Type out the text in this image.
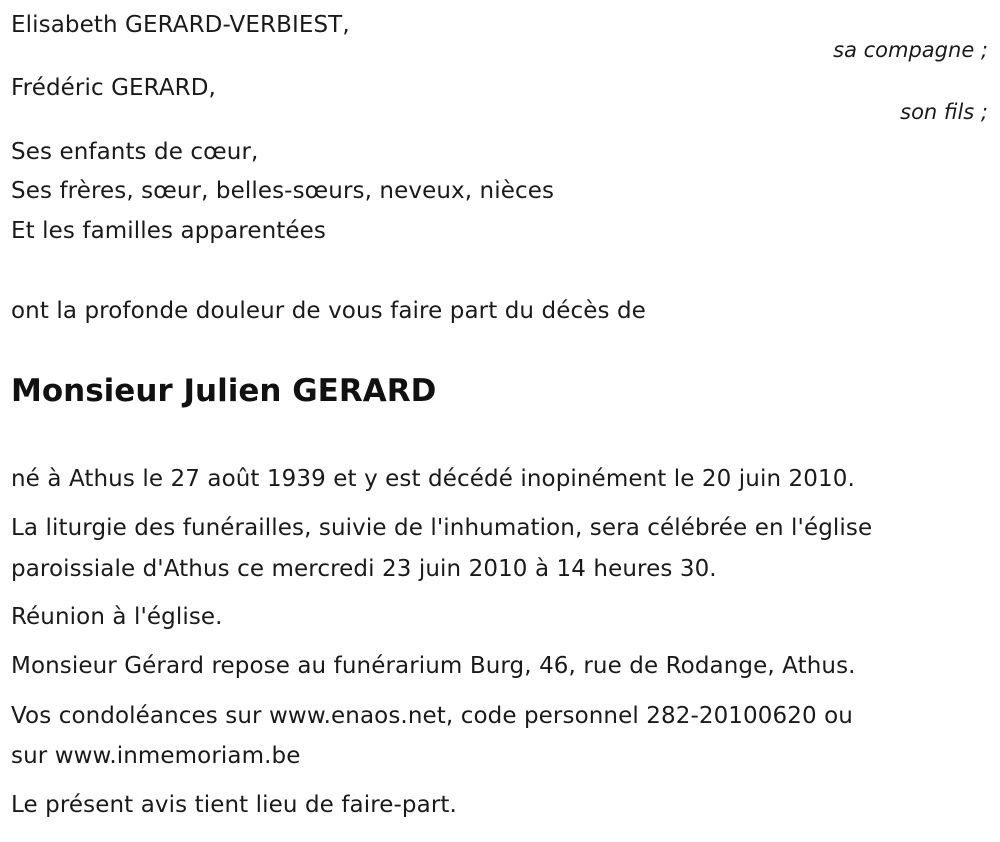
Elisabeth GERARD-VERBIEST,
sa compagne ;
Frédéric GERARD,
son fils ;
Ses enfants de cœur,
Ses frères, sœur, belles-sœurs, neveux, nièces
Et les familles apparentées
ont la profonde douleur de vous faire part du décès de
Monsieur Julien GERARD
né à Athus le 27 août 1939 et y est décédé inopinément le 20 juin 2010.
La liturgie des funérailles, suivie de l'inhumation, sera célébrée en l'église
paroissiale d'Athus ce mercredi 23 juin 2010 à 14 heures 30.
Réunion à l'église.
Monsieur Gérard repose au funérarium Burg, 46, rue de Rodange, Athus.
Vos condoléances sur www.enaos.net, code personnel 282-20100620 ou
sur www.inmemoriam.be
Le présent avis tient lieu de faire-part.
